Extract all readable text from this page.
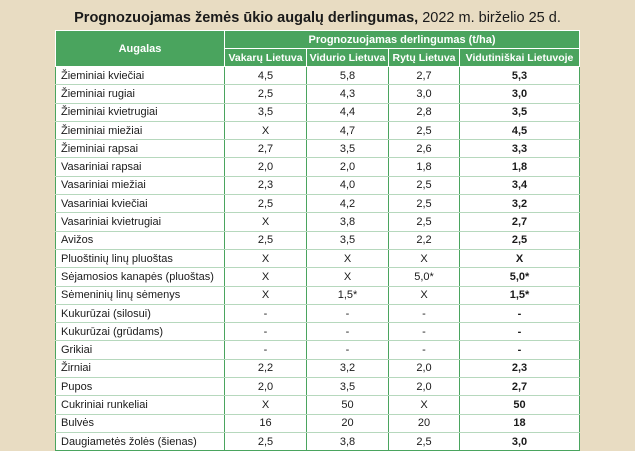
Prognozuojamas žemės ūkio augalų derlingumas, 2022 m. birželio 25 d.
Augalas	Prognozuojamas derlingumas (t/ha)			
	Vakarų Lietuva	Vidurio Lietuva	Rytų Lietuva	Vidutiniškai Lietuvoje
Žieminiai kviečiai	4,5	5,8	2,7	5,3
Žieminiai rugiai	2,5	4,3	3,0	3,0
Žieminiai kvietrugiai	3,5	4,4	2,8	3,5
Žieminiai miežiai	X	4,7	2,5	4,5
Žieminiai rapsai	2,7	3,5	2,6	3,3
Vasariniai rapsai	2,0	2,0	1,8	1,8
Vasariniai miežiai	2,3	4,0	2,5	3,4
Vasariniai kviečiai	2,5	4,2	2,5	3,2
Vasariniai kvietrugiai	X	3,8	2,5	2,7
Avižos	2,5	3,5	2,2	2,5
Pluoštinių linų pluoštas	X	X	X	X
Sėjamosios kanapės (pluoštas)	X	X	5,0*	5,0*
Sėmeninių linų sėmenys	X	1,5*	X	1,5*
Kukurūzai (silosui)	-	-	-	-
Kukurūzai (grūdams)	-	-	-	-
Grikiai	-	-	-	-
Žirniai	2,2	3,2	2,0	2,3
Pupos	2,0	3,5	2,0	2,7
Cukriniai runkeliai	X	50	X	50
Bulvės	16	20	20	18
Daugiametės žolės (šienas)	2,5	3,8	2,5	3,0
